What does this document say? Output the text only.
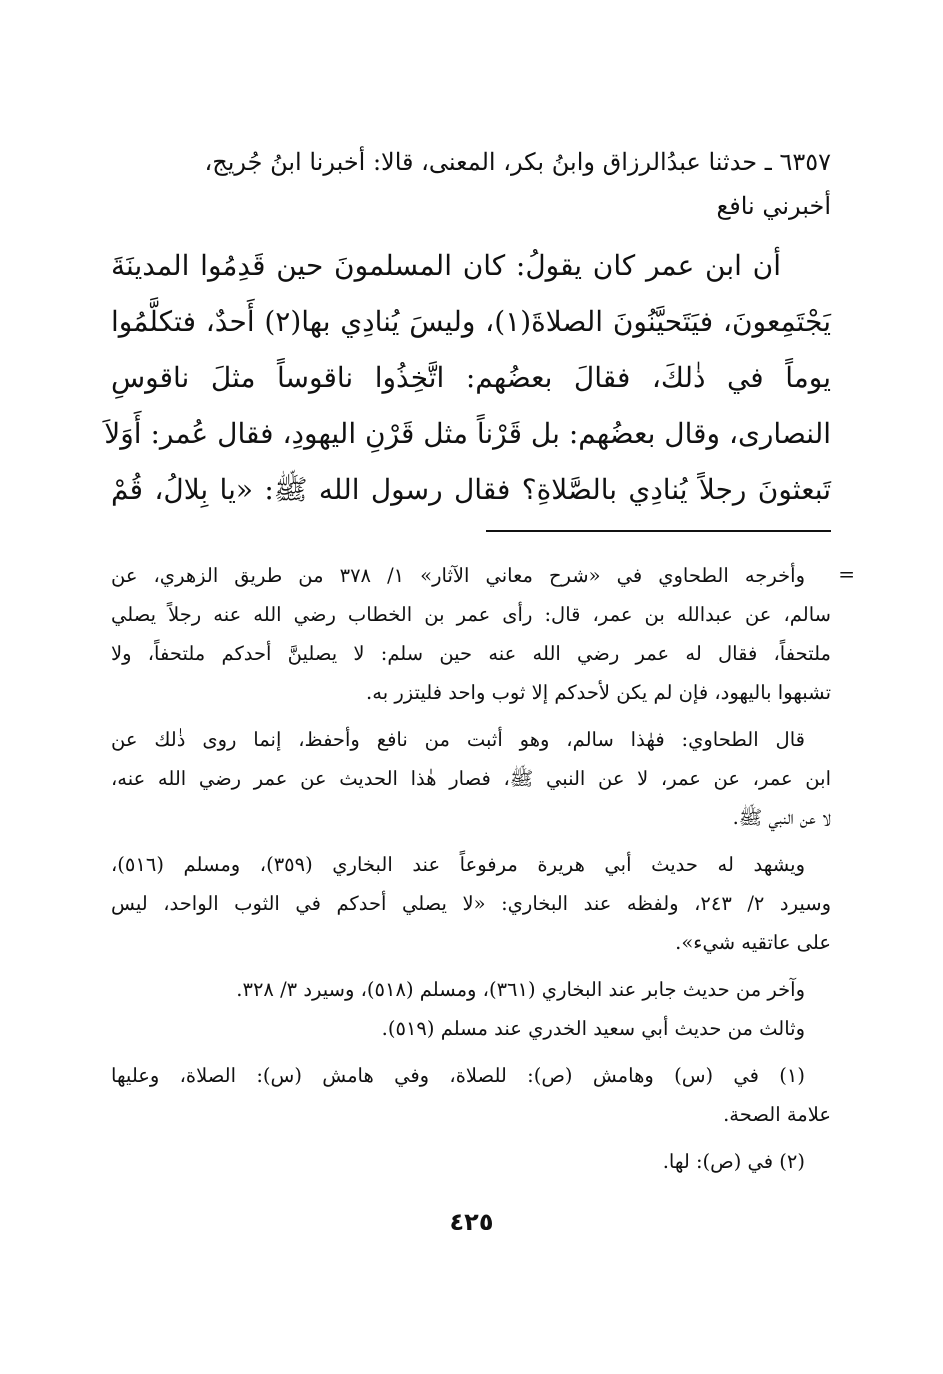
٦٣٥٧ ـ حدثنا عبدُالرزاق وابنُ بكر، المعنى، قالا: أخبرنا ابنُ جُريج،
أخبرني نافع
أن ابن عمر كان يقولُ: كان المسلمونَ حين قَدِمُوا المدينَةَ
يَجْتَمِعونَ، فيَتَحيَّنُونَ الصلاةَ(١)، وليسَ يُنادِي بها(٢) أَحدٌ، فتكلَّمُوا
يوماً في ذٰلكَ، فقالَ بعضُهم: اتَّخِذُوا ناقوساً مثلَ ناقوسِ
النصارى، وقال بعضُهم: بل قَرْناً مثل قَرْنِ اليهودِ، فقال عُمر: أَوَلاَ
تَبعثونَ رجلاً يُنادِي بالصَّلاةِ؟ فقال رسول الله ﷺ: «يا بِلالُ، قُمْ
=
وأخرجه الطحاوي في «شرح معاني الآثار» ١/ ٣٧٨ من طريق الزهري، عن
سالم، عن عبدالله بن عمر، قال: رأى عمر بن الخطاب رضي الله عنه رجلاً يصلي
ملتحفاً، فقال له عمر رضي الله عنه حين سلم: لا يصلينَّ أحدكم ملتحفاً، ولا
تشبهوا باليهود، فإن لم يكن لأحدكم إلا ثوب واحد فليتزر به.
قال الطحاوي: فهٰذا سالم، وهو أثبت من نافع وأحفظ، إنما روى ذٰلك عن
ابن عمر، عن عمر، لا عن النبي ﷺ، فصار هٰذا الحديث عن عمر رضي الله عنه،
لا عن النبي ﷺ.
ويشهد له حديث أبي هريرة مرفوعاً عند البخاري (٣٥٩)، ومسلم (٥١٦)،
وسيرد ٢/ ٢٤٣، ولفظه عند البخاري: «لا يصلي أحدكم في الثوب الواحد، ليس
على عاتقيه شيء».
وآخر من حديث جابر عند البخاري (٣٦١)، ومسلم (٥١٨)، وسيرد ٣/ ٣٢٨.
وثالث من حديث أبي سعيد الخدري عند مسلم (٥١٩).
(١) في (س) وهامش (ص): للصلاة، وفي هامش (س): الصلاة، وعليها
علامة الصحة.
(٢) في (ص): لها.
٤٢٥
